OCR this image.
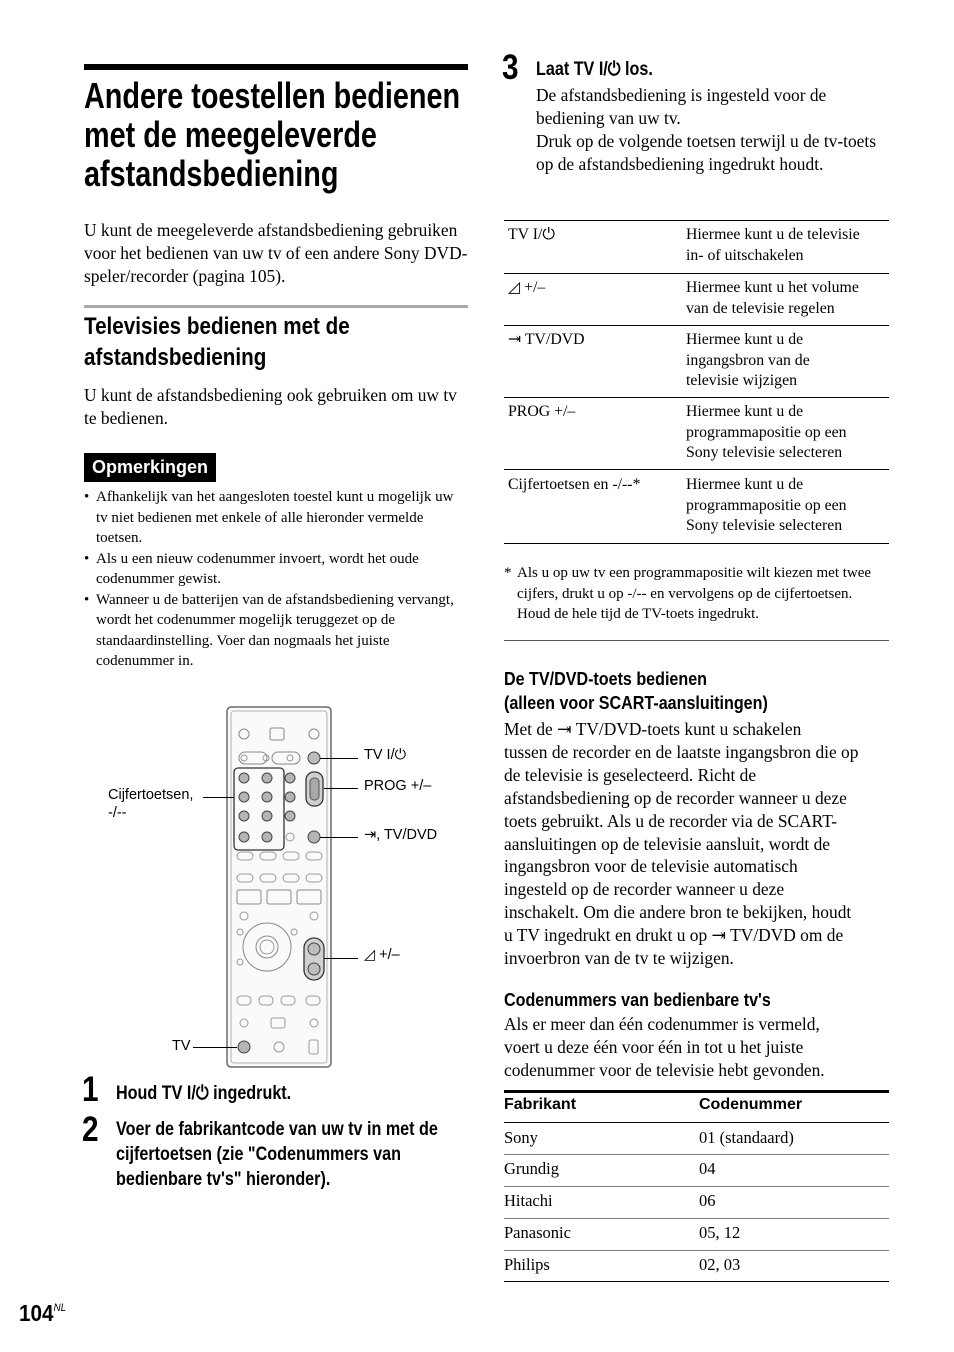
Andere toestellen bedienen
met de meegeleverde
afstandsbediening
U kunt de meegeleverde afstandsbediening gebruiken voor het bedienen van uw tv of een andere Sony DVD-speler/recorder (pagina 105).
Televisies bedienen met de
afstandsbediening
U kunt de afstandsbediening ook gebruiken om uw tv te bedienen.
Opmerkingen
• Afhankelijk van het aangesloten toestel kunt u mogelijk uw tv niet bedienen met enkele of alle hieronder vermelde toetsen.
• Als u een nieuw codenummer invoert, wordt het oude codenummer gewist.
• Wanneer u de batterijen van de afstandsbediening vervangt, wordt het codenummer mogelijk teruggezet op de standaardinstelling. Voer dan nogmaals het juiste codenummer in.
TV I/⏻
PROG +/–
Cijfertoetsen,
-/--
⇥, TV/DVD
◿ +/–
TV
1 Houd TV I/⏻ ingedrukt.
2 Voer de fabrikantcode van uw tv in met de
cijfertoetsen (zie "Codenummers van
bedienbare tv's" hieronder).
3 Laat TV I/⏻ los.
De afstandsbediening is ingesteld voor de bediening van uw tv.
Druk op de volgende toetsen terwijl u de tv-toets op de afstandsbediening ingedrukt houdt.
TV I/⏻	Hiermee kunt u de televisie
in- of uitschakelen
◿ +/–	Hiermee kunt u het volume
van de televisie regelen
⇥ TV/DVD	Hiermee kunt u de
ingangsbron van de
televisie wijzigen
PROG +/–	Hiermee kunt u de
programmapositie op een
Sony televisie selecteren
Cijfertoetsen en -/--*	Hiermee kunt u de
programmapositie op een
Sony televisie selecteren
* Als u op uw tv een programmapositie wilt kiezen met twee cijfers, drukt u op -/-- en vervolgens op de cijfertoetsen. Houd de hele tijd de TV-toets ingedrukt.
De TV/DVD-toets bedienen
(alleen voor SCART-aansluitingen)
Met de ⇥ TV/DVD-toets kunt u schakelen
tussen de recorder en de laatste ingangsbron die op
de televisie is geselecteerd. Richt de
afstandsbediening op de recorder wanneer u deze
toets gebruikt. Als u de recorder via de SCART-
aansluitingen op de televisie aansluit, wordt de
ingangsbron voor de televisie automatisch
ingesteld op de recorder wanneer u deze
inschakelt. Om die andere bron te bekijken, houdt
u TV ingedrukt en drukt u op ⇥ TV/DVD om de
invoerbron van de tv te wijzigen.
Codenummers van bedienbare tv's
Als er meer dan één codenummer is vermeld,
voert u deze één voor één in tot u het juiste
codenummer voor de televisie hebt gevonden.
Fabrikant	Codenummer
Sony	01 (standaard)
Grundig	04
Hitachi	06
Panasonic	05, 12
Philips	02, 03
$104^{NL}$
